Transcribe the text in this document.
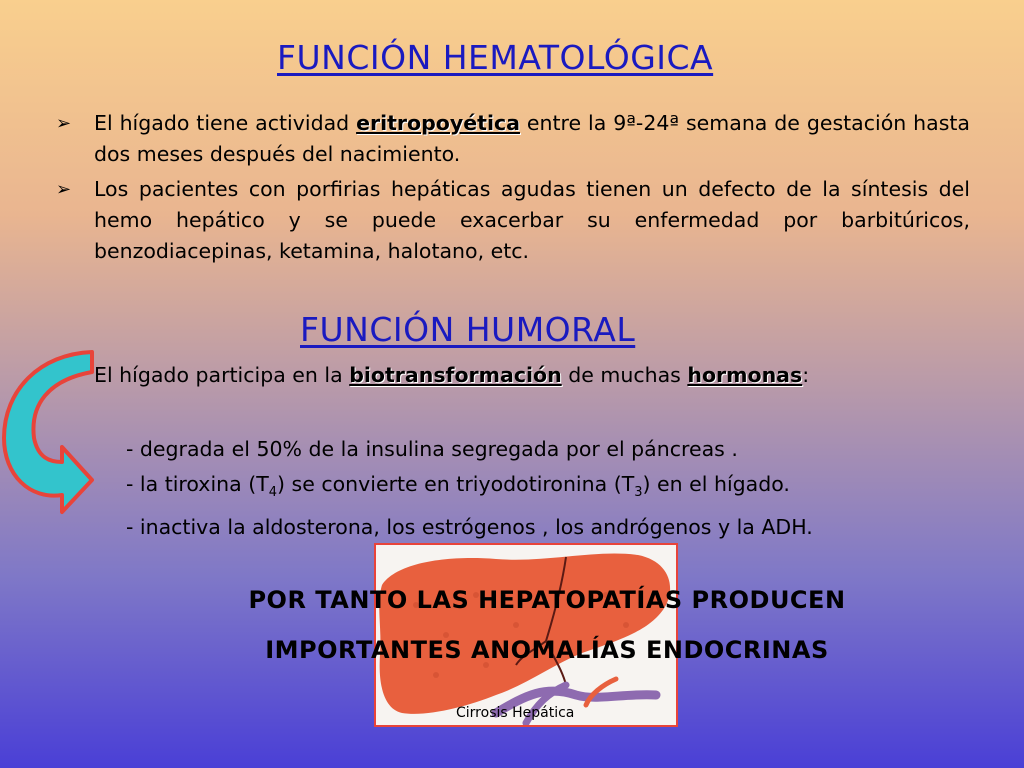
FUNCIÓN HEMATOLÓGICA
➢ El hígado tiene actividad eritropoyética entre la 9ª-24ª semana de gestación hasta dos meses después del nacimiento.
➢ Los pacientes con porfirias hepáticas agudas tienen un defecto de la síntesis del hemo hepático y se puede exacerbar su enfermedad por barbitúricos, benzodiacepinas, ketamina, halotano, etc.
FUNCIÓN HUMORAL
El hígado participa en la biotransformación de muchas hormonas:
- degrada el 50% de la insulina segregada por el páncreas .
- la tiroxina $(T_4)$ se convierte en triyodotironina $(T_3)$ en el hígado.
- inactiva la aldosterona, los estrógenos , los andrógenos y la ADH.
POR TANTO LAS HEPATOPATÍAS PRODUCEN
IMPORTANTES ANOMALÍAS ENDOCRINAS
Cirrosis Hepática
